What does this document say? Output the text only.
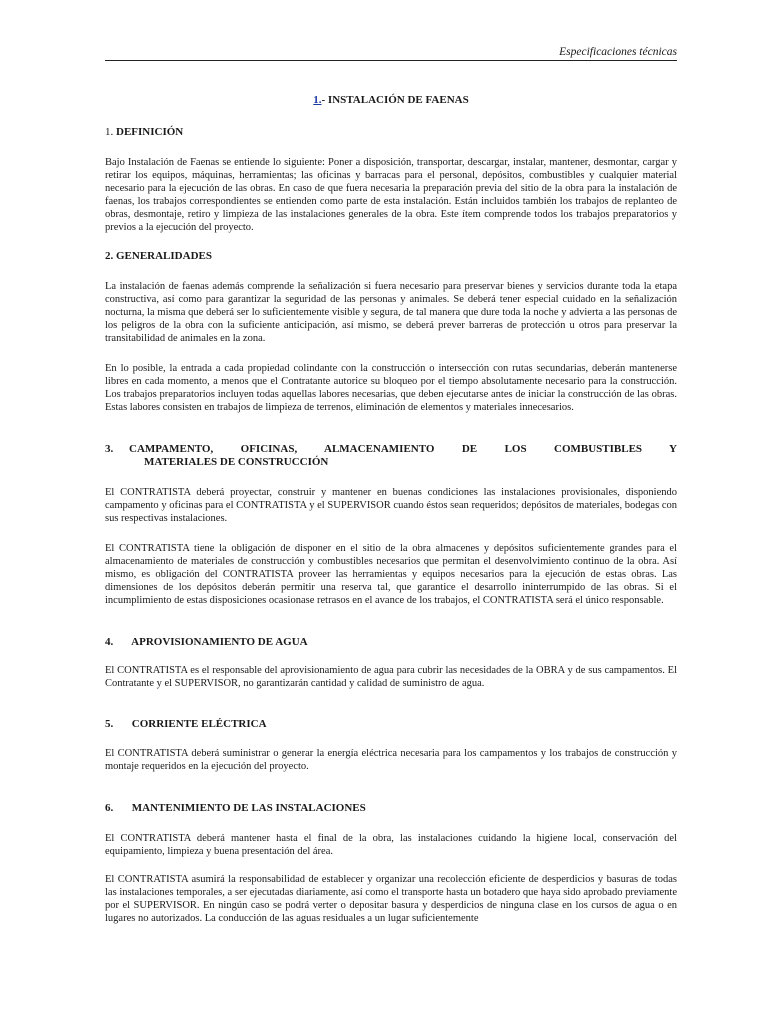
Especificaciones técnicas
1.- INSTALACIÓN DE FAENAS
1. DEFINICIÓN

Bajo Instalación de Faenas se entiende lo siguiente: Poner a disposición, transportar, descargar, instalar, mantener, desmontar, cargar y retirar los equipos, máquinas, herramientas; las oficinas y barracas para el personal, depósitos, combustibles y cualquier material necesario para la ejecución de las obras. En caso de que fuera necesaria la preparación previa del sitio de la obra para la instalación de faenas, los trabajos correspondientes se entienden como parte de esta instalación. Están incluidos también los trabajos de replanteo de obras, desmontaje, retiro y limpieza de las instalaciones generales de la obra. Este ítem comprende todos los trabajos preparatorios y previos a la ejecución del proyecto.

2. GENERALIDADES

La instalación de faenas además comprende la señalización si fuera necesario para preservar bienes y servicios durante toda la etapa constructiva, así como para garantizar la seguridad de las personas y animales. Se deberá tener especial cuidado en la señalización nocturna, la misma que deberá ser lo suficientemente visible y segura, de tal manera que dure toda la noche y advierta a las personas de los peligros de la obra con la suficiente anticipación, así mismo, se deberá prever barreras de protección u otros para preservar la transitabilidad de animales en la zona.

En lo posible, la entrada a cada propiedad colindante con la construcción o intersección con rutas secundarias, deberán mantenerse libres en cada momento, a menos que el Contratante autorice su bloqueo por el tiempo absolutamente necesario para la construcción. Los trabajos preparatorios incluyen todas aquellas labores necesarias, que deben ejecutarse antes de iniciar la construcción de las obras. Estas labores consisten en trabajos de limpieza de terrenos, eliminación de elementos y materiales innecesarios.

3. CAMPAMENTO, OFICINAS, ALMACENAMIENTO DE LOS COMBUSTIBLES Y
MATERIALES DE CONSTRUCCIÓN

El CONTRATISTA deberá proyectar, construir y mantener en buenas condiciones las instalaciones provisionales, disponiendo campamento y oficinas para el CONTRATISTA y el SUPERVISOR cuando éstos sean requeridos; depósitos de materiales, bodegas con sus respectivas instalaciones.

El CONTRATISTA tiene la obligación de disponer en el sitio de la obra almacenes y depósitos suficientemente grandes para el almacenamiento de materiales de construcción y combustibles necesarios que permitan el desenvolvimiento continuo de la obra. Así mismo, es obligación del CONTRATISTA proveer las herramientas y equipos necesarios para la ejecución de estas obras. Las dimensiones de los depósitos deberán permitir una reserva tal, que garantice el desarrollo ininterrumpido de las obras. Si el incumplimiento de estas disposiciones ocasionase retrasos en el avance de los trabajos, el CONTRATISTA será el único responsable.

4. APROVISIONAMIENTO DE AGUA

El CONTRATISTA es el responsable del aprovisionamiento de agua para cubrir las necesidades de la OBRA y de sus campamentos. El Contratante y el SUPERVISOR, no garantizarán cantidad y calidad de suministro de agua.

5. CORRIENTE ELÉCTRICA

El CONTRATISTA deberá suministrar o generar la energía eléctrica necesaria para los campamentos y los trabajos de construcción y montaje requeridos en la ejecución del proyecto.

6. MANTENIMIENTO DE LAS INSTALACIONES

El CONTRATISTA deberá mantener hasta el final de la obra, las instalaciones cuidando la higiene local, conservación del equipamiento, limpieza y buena presentación del área.

El CONTRATISTA asumirá la responsabilidad de establecer y organizar una recolección eficiente de desperdicios y basuras de todas las instalaciones temporales, a ser ejecutadas diariamente, así como el transporte hasta un botadero que haya sido aprobado previamente por el SUPERVISOR. En ningún caso se podrá verter o depositar basura y desperdicios de ninguna clase en los cursos de agua o en lugares no autorizados. La conducción de las aguas residuales a un lugar suficientemente
